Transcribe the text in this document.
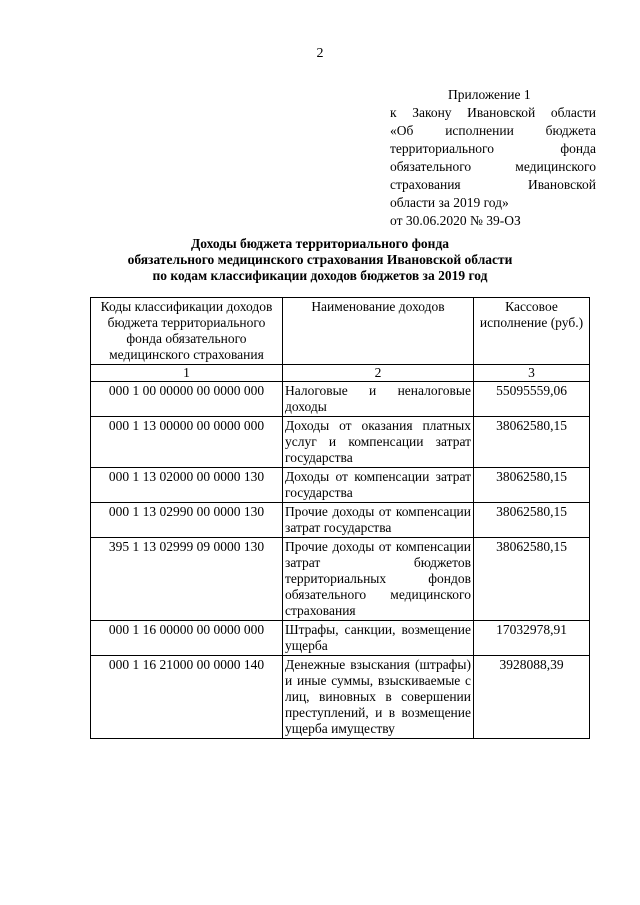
2
Приложение 1
к Закону Ивановской области
«Об исполнении бюджета
территориального фонда
обязательного медицинского
страхования Ивановской
области за 2019 год»
от 30.06.2020 № 39-ОЗ
Доходы бюджета территориального фонда
обязательного медицинского страхования Ивановской области
по кодам классификации доходов бюджетов за 2019 год
Коды классификации доходов бюджета территориального фонда обязательного медицинского страхования	Наименование доходов	Кассовое исполнение (руб.)
1	2	3
000 1 00 00000 00 0000 000	Налоговые и неналоговые доходы	55095559,06
000 1 13 00000 00 0000 000	Доходы от оказания платных услуг и компенсации затрат государства	38062580,15
000 1 13 02000 00 0000 130	Доходы от компенсации затрат государства	38062580,15
000 1 13 02990 00 0000 130	Прочие доходы от компенсации затрат государства	38062580,15
395 1 13 02999 09 0000 130	Прочие доходы от компенсации затрат бюджетов территориальных фондов обязательного медицинского страхования	38062580,15
000 1 16 00000 00 0000 000	Штрафы, санкции, возмещение ущерба	17032978,91
000 1 16 21000 00 0000 140	Денежные взыскания (штрафы) и иные суммы, взыскиваемые с лиц, виновных в совершении преступлений, и в возмещение ущерба имуществу	3928088,39
